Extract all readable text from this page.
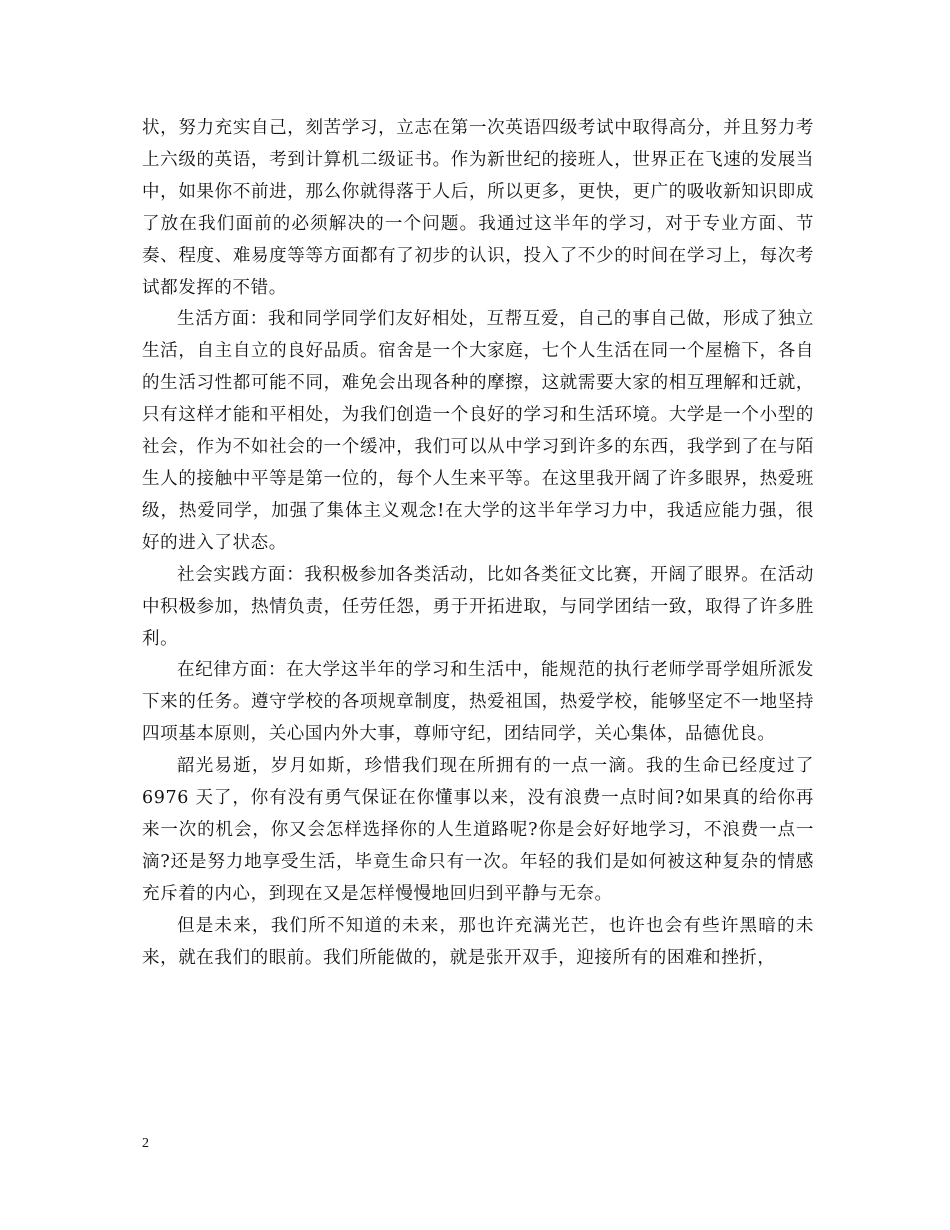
状，努力充实自己，刻苦学习，立志在第一次英语四级考试中取得高分，并且努力考上六级的英语，考到计算机二级证书。作为新世纪的接班人，世界正在飞速的发展当中，如果你不前进，那么你就得落于人后，所以更多，更快，更广的吸收新知识即成了放在我们面前的必须解决的一个问题。我通过这半年的学习，对于专业方面、节奏、程度、难易度等等方面都有了初步的认识，投入了不少的时间在学习上，每次考试都发挥的不错。

生活方面：我和同学同学们友好相处，互帮互爱，自己的事自己做，形成了独立生活，自主自立的良好品质。宿舍是一个大家庭，七个人生活在同一个屋檐下，各自的生活习性都可能不同，难免会出现各种的摩擦，这就需要大家的相互理解和迁就，只有这样才能和平相处，为我们创造一个良好的学习和生活环境。大学是一个小型的社会，作为不如社会的一个缓冲，我们可以从中学习到许多的东西，我学到了在与陌生人的接触中平等是第一位的，每个人生来平等。在这里我开阔了许多眼界，热爱班级，热爱同学，加强了集体主义观念!在大学的这半年学习力中，我适应能力强，很好的进入了状态。

社会实践方面：我积极参加各类活动，比如各类征文比赛，开阔了眼界。在活动中积极参加，热情负责，任劳任怨，勇于开拓进取，与同学团结一致，取得了许多胜利。

在纪律方面：在大学这半年的学习和生活中，能规范的执行老师学哥学姐所派发下来的任务。遵守学校的各项规章制度，热爱祖国，热爱学校，能够坚定不一地坚持四项基本原则，关心国内外大事，尊师守纪，团结同学，关心集体，品德优良。

韶光易逝，岁月如斯，珍惜我们现在所拥有的一点一滴。我的生命已经度过了 6976 天了，你有没有勇气保证在你懂事以来，没有浪费一点时间?如果真的给你再来一次的机会，你又会怎样选择你的人生道路呢?你是会好好地学习，不浪费一点一滴?还是努力地享受生活，毕竟生命只有一次。年轻的我们是如何被这种复杂的情感充斥着的内心，到现在又是怎样慢慢地回归到平静与无奈。

但是未来，我们所不知道的未来，那也许充满光芒，也许也会有些许黑暗的未来，就在我们的眼前。我们所能做的，就是张开双手，迎接所有的困难和挫折，

2
